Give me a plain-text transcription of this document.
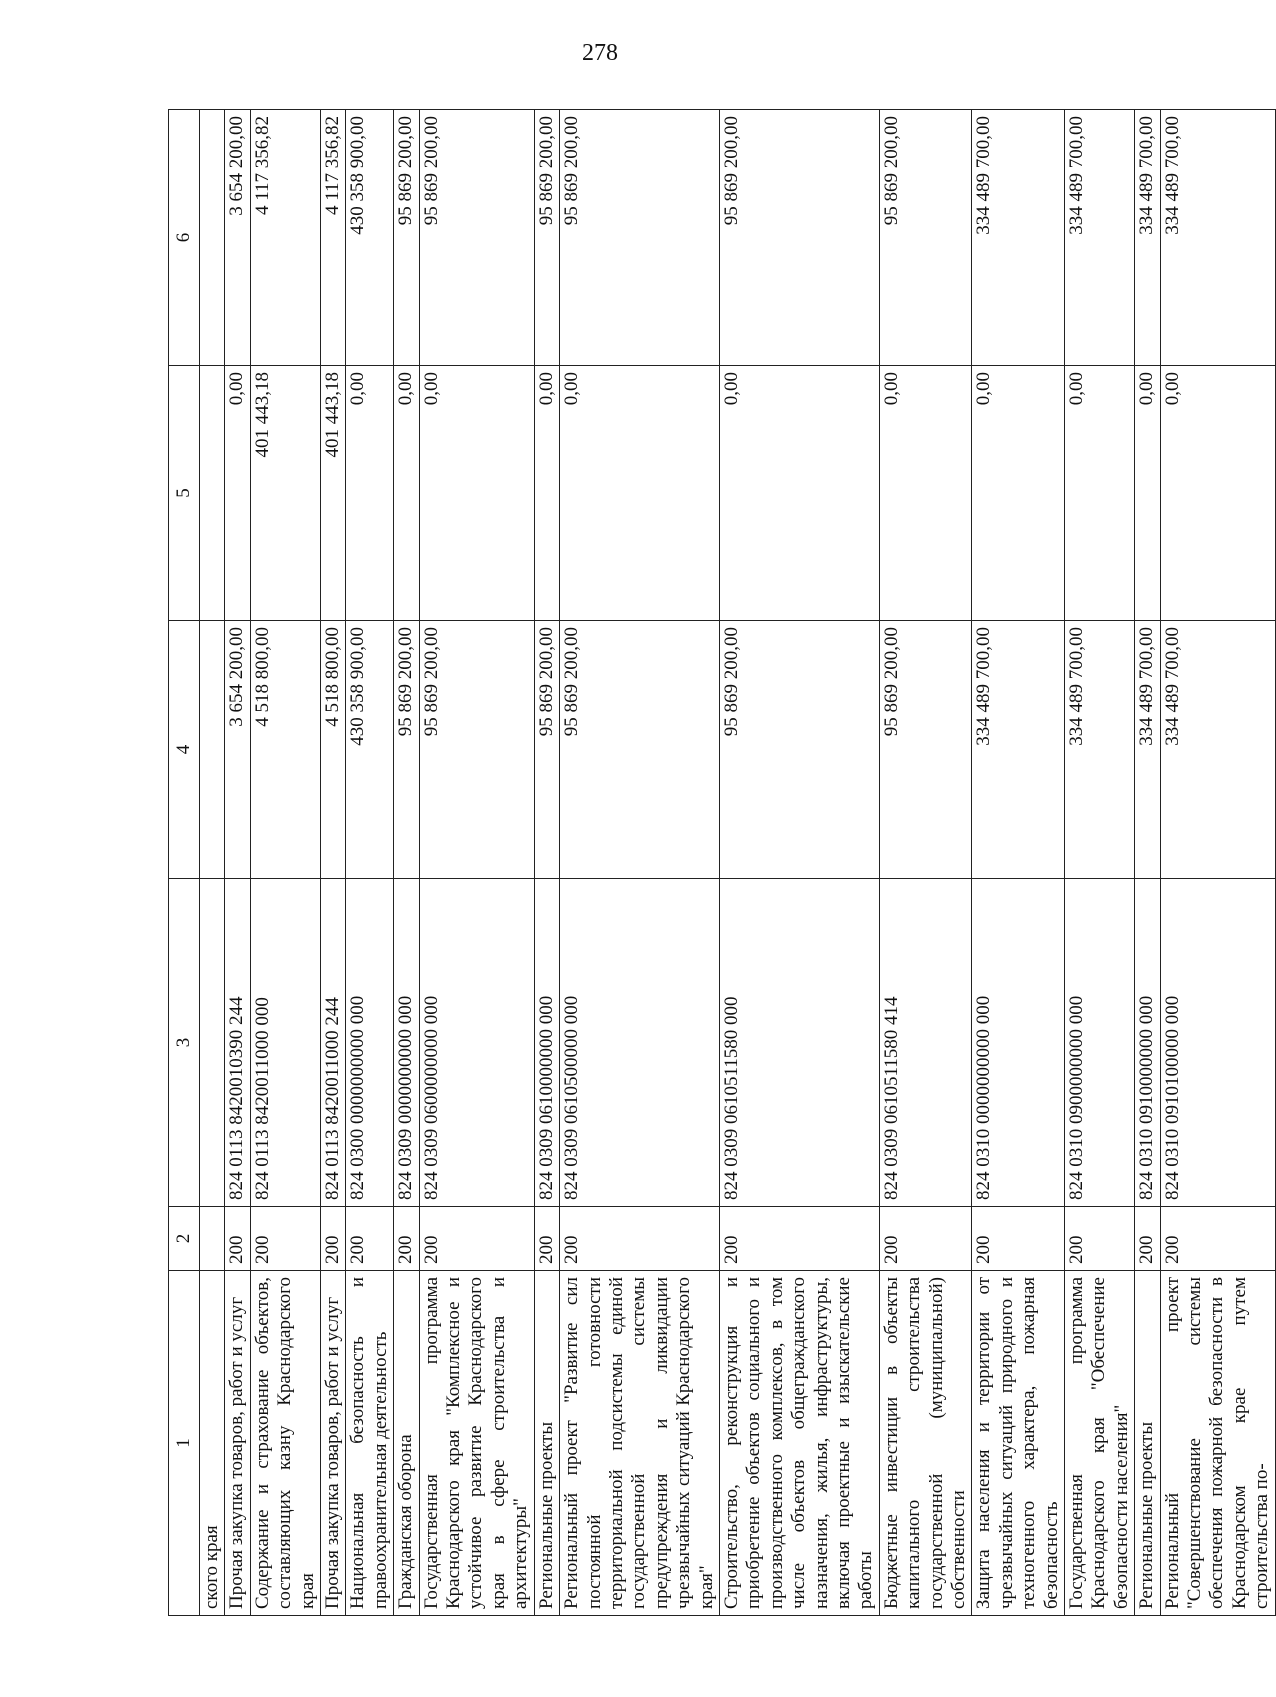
278
1	2	3	4	5	6
ского края					
Прочая закупка товаров, работ и услуг	200	824 0113 8420010390 244	3 654 200,00	0,00	3 654 200,00
Содержание и страхование объектов, составляющих казну Краснодарского края	200	824 0113 8420011000 000	4 518 800,00	401 443,18	4 117 356,82
Прочая закупка товаров, работ и услуг	200	824 0113 8420011000 244	4 518 800,00	401 443,18	4 117 356,82
Национальная безопасность и правоохранительная деятельность	200	824 0300 0000000000 000	430 358 900,00	0,00	430 358 900,00
Гражданская оборона	200	824 0309 0000000000 000	95 869 200,00	0,00	95 869 200,00
Государственная программа Краснодарского края "Комплексное и устойчивое развитие Краснодарского края в сфере строительства и архитектуры"	200	824 0309 0600000000 000	95 869 200,00	0,00	95 869 200,00
Региональные проекты	200	824 0309 0610000000 000	95 869 200,00	0,00	95 869 200,00
Региональный проект "Развитие сил постоянной готовности территориальной подсистемы единой государственной системы предупреждения и ликвидации чрезвычайных ситуаций Краснодарского края"	200	824 0309 0610500000 000	95 869 200,00	0,00	95 869 200,00
Строительство, реконструкция и приобретение объектов социального и производственного комплексов, в том числе объектов общегражданского назначения, жилья, инфраструктуры, включая проектные и изыскательские работы	200	824 0309 0610511580 000	95 869 200,00	0,00	95 869 200,00
Бюджетные инвестиции в объекты капитального строительства государственной (муниципальной) собственности	200	824 0309 0610511580 414	95 869 200,00	0,00	95 869 200,00
Защита населения и территории от чрезвычайных ситуаций природного и техногенного характера, пожарная безопасность	200	824 0310 0000000000 000	334 489 700,00	0,00	334 489 700,00
Государственная программа Краснодарского края "Обеспечение безопасности населения"	200	824 0310 0900000000 000	334 489 700,00	0,00	334 489 700,00
Региональные проекты	200	824 0310 0910000000 000	334 489 700,00	0,00	334 489 700,00
Региональный проект "Совершенствование системы обеспечения пожарной безопасности в Краснодарском крае путем строительства по-	200	824 0310 0910100000 000	334 489 700,00	0,00	334 489 700,00
